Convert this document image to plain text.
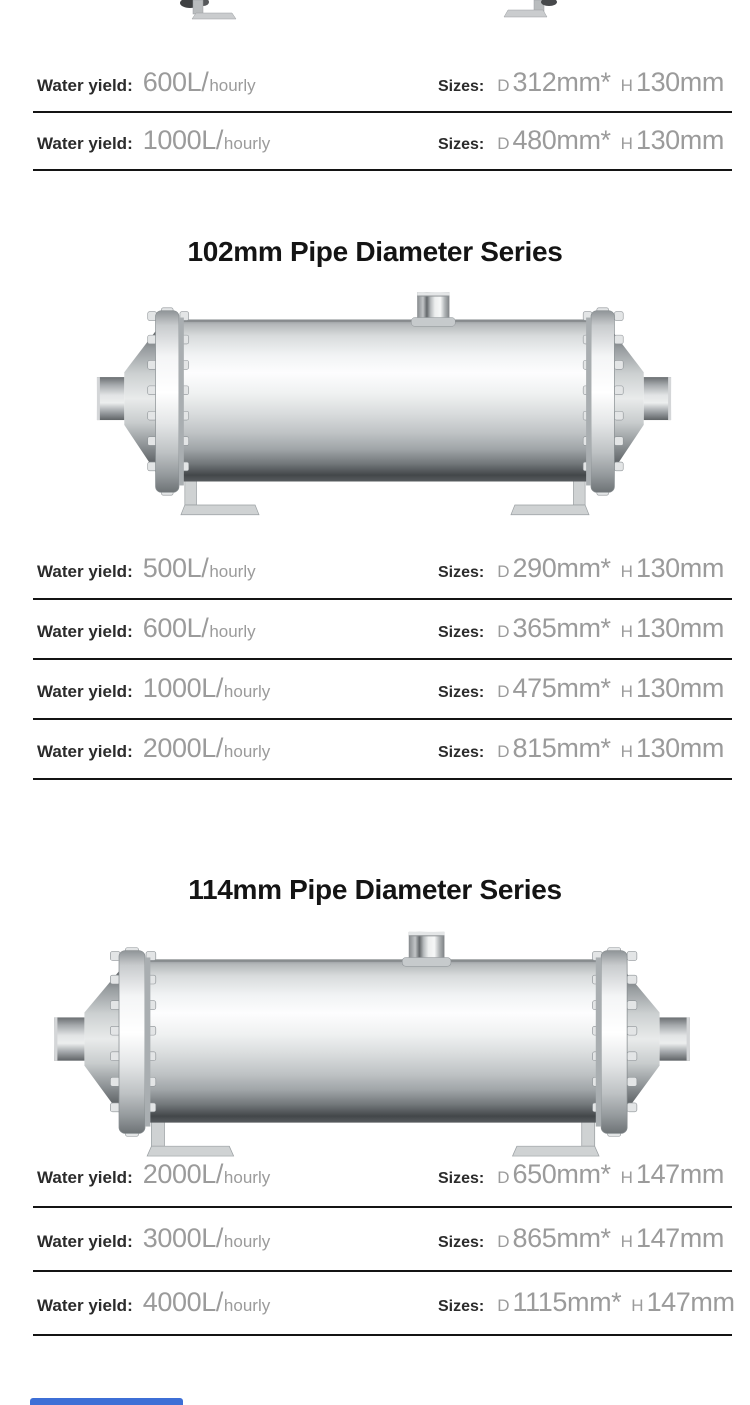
Water yield: 600L/ hourly	Sizes: D 312mm* H 130mm
Water yield: 1000L/ hourly	Sizes: D 480mm* H 130mm
102mm Pipe Diameter Series
Water yield: 500L/ hourly	Sizes: D 290mm* H 130mm
Water yield: 600L/ hourly	Sizes: D 365mm* H 130mm
Water yield: 1000L/ hourly	Sizes: D 475mm* H 130mm
Water yield: 2000L/ hourly	Sizes: D 815mm* H 130mm
114mm Pipe Diameter Series
Water yield: 2000L/ hourly	Sizes: D 650mm* H 147mm
Water yield: 3000L/ hourly	Sizes: D 865mm* H 147mm
Water yield: 4000L/ hourly	Sizes: D 1115mm* H 147mm
